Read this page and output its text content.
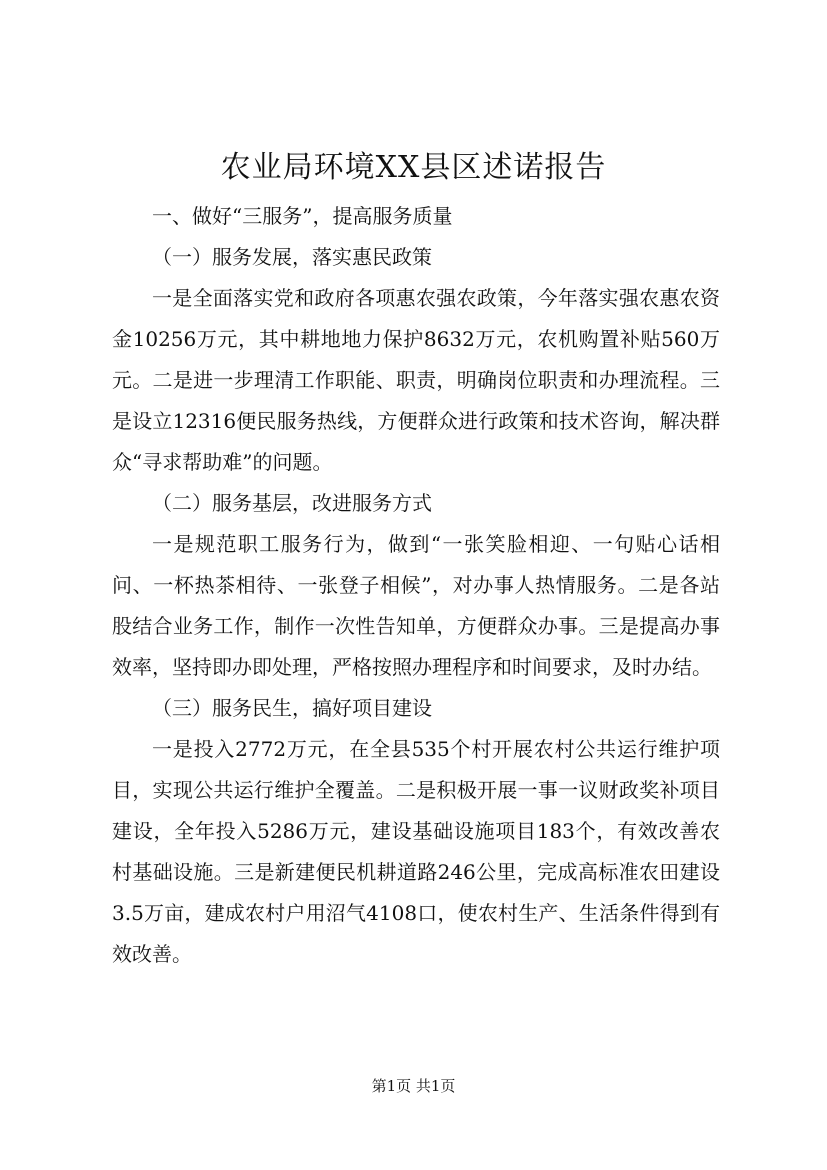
农业局环境XX县区述诺报告

一、做好“三服务”，提高服务质量

（一）服务发展，落实惠民政策

一是全面落实党和政府各项惠农强农政策，今年落实强农惠农资金10256万元，其中耕地地力保护8632万元，农机购置补贴560万元。二是进一步理清工作职能、职责，明确岗位职责和办理流程。三是设立12316便民服务热线，方便群众进行政策和技术咨询，解决群众“寻求帮助难”的问题。

（二）服务基层，改进服务方式

一是规范职工服务行为，做到“一张笑脸相迎、一句贴心话相问、一杯热茶相待、一张登子相候”，对办事人热情服务。二是各站股结合业务工作，制作一次性告知单，方便群众办事。三是提高办事效率，坚持即办即处理，严格按照办理程序和时间要求，及时办结。

（三）服务民生，搞好项目建设

一是投入2772万元，在全县535个村开展农村公共运行维护项目，实现公共运行维护全覆盖。二是积极开展一事一议财政奖补项目建设，全年投入5286万元，建设基础设施项目183个，有效改善农村基础设施。三是新建便民机耕道路246公里，完成高标准农田建设3.5万亩，建成农村户用沼气4108口，使农村生产、生活条件得到有效改善。

第1页 共1页
